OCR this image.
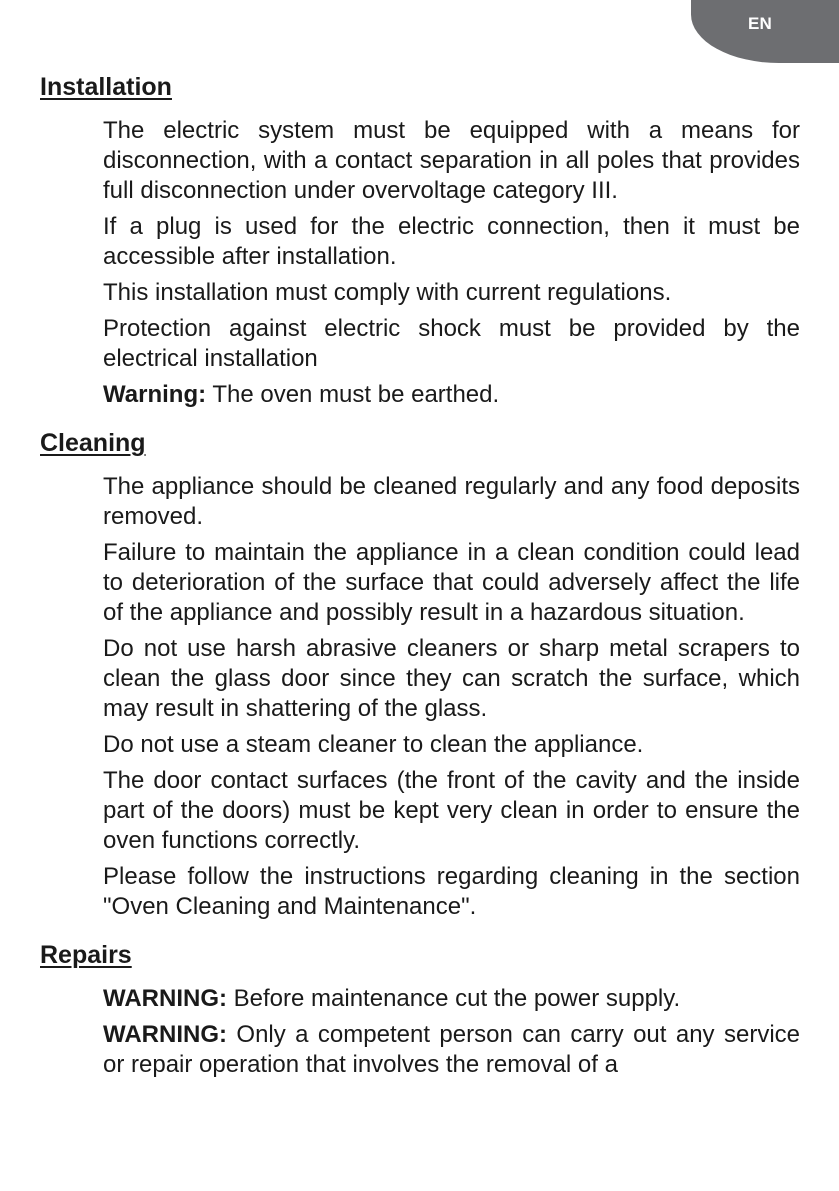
EN
Installation

The electric system must be equipped with a means for disconnection, with a contact separation in all poles that provides full disconnection under overvoltage category III.

If a plug is used for the electric connection, then it must be accessible after installation.

This installation must comply with current regulations.

Protection against electric shock must be provided by the electrical installation

Warning: The oven must be earthed.

Cleaning

The appliance should be cleaned regularly and any food deposits removed.

Failure to maintain the appliance in a clean condition could lead to deterioration of the surface that could adversely affect the life of the appliance and possibly result in a hazardous situation.

Do not use harsh abrasive cleaners or sharp metal scrapers to clean the glass door since they can scratch the surface, which may result in shattering of the glass.

Do not use a steam cleaner to clean the appliance.

The door contact surfaces (the front of the cavity and the inside part of the doors) must be kept very clean in order to ensure the oven functions correctly.

Please follow the instructions regarding cleaning in the section "Oven Cleaning and Maintenance".

Repairs

WARNING: Before maintenance cut the power supply.

WARNING: Only a competent person can carry out any service or repair operation that involves the removal of a
